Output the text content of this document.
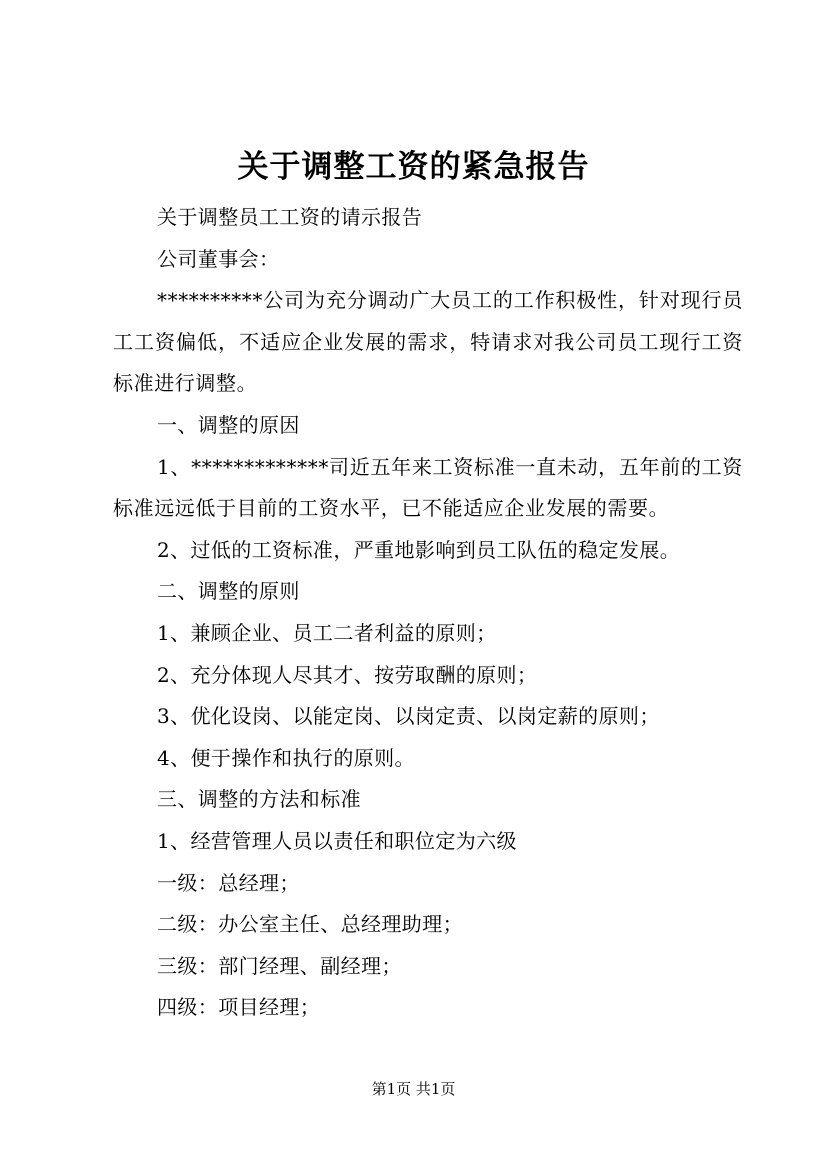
关于调整工资的紧急报告
关于调整员工工资的请示报告
公司董事会：

**********公司为充分调动广大员工的工作积极性，针对现行员工工资偏低，不适应企业发展的需求，特请求对我公司员工现行工资标准进行调整。

一、调整的原因

1、*************司近五年来工资标准一直未动，五年前的工资标准远远低于目前的工资水平，已不能适应企业发展的需要。

2、过低的工资标准，严重地影响到员工队伍的稳定发展。
二、调整的原则
1、兼顾企业、员工二者利益的原则；
2、充分体现人尽其才、按劳取酬的原则；
3、优化设岗、以能定岗、以岗定责、以岗定薪的原则；
4、便于操作和执行的原则。
三、调整的方法和标准
1、经营管理人员以责任和职位定为六级
一级：总经理；
二级：办公室主任、总经理助理；
三级：部门经理、副经理；
四级：项目经理；
第1页 共1页
